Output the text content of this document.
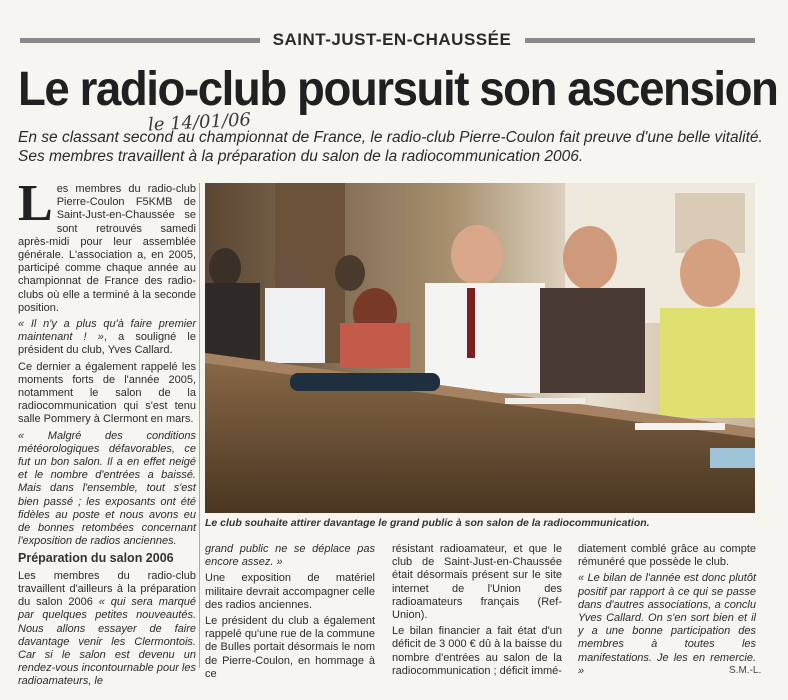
SAINT-JUST-EN-CHAUSSÉE
Le radio-club poursuit son ascension
le 14/01/06
En se classant second au championnat de France, le radio-club Pierre-Coulon fait preuve d'une belle vitalité. Ses membres travaillent à la préparation du salon de la radiocommunication 2006.

Les membres du radio-club Pierre-Coulon F5KMB de Saint-Just-en-Chaussée se sont retrouvés samedi après-midi pour leur assemblée générale. L'association a, en 2005, participé comme chaque année au championnat de France des radio-clubs où elle a terminé à la seconde position.

« Il n'y a plus qu'à faire premier maintenant ! », a souligné le président du club, Yves Callard.

Ce dernier a également rappelé les moments forts de l'année 2005, notamment le salon de la radiocommunication qui s'est tenu salle Pommery à Clermont en mars.

« Malgré des conditions météorologiques défavorables, ce fut un bon salon. Il a en effet neigé et le nombre d'entrées a baissé. Mais dans l'ensemble, tout s'est bien passé ; les exposants ont été fidèles au poste et nous avons eu de bonnes retombées concernant l'exposition de radios anciennes.

Préparation du salon 2006

Les membres du radio-club travaillent d'ailleurs à la préparation du salon 2006 « qui sera marqué par quelques petites nouveautés. Nous allons essayer de faire davantage venir les Clermontois. Car si le salon est devenu un rendez-vous incontournable pour les radioamateurs, le

Le club souhaite attirer davantage le grand public à son salon de la radiocommunication.

grand public ne se déplace pas encore assez. »

Une exposition de matériel militaire devrait accompagner celle des radios anciennes.

Le président du club a également rappelé qu'une rue de la commune de Bulles portait désormais le nom de Pierre-Coulon, en hommage à ce

résistant radioamateur, et que le club de Saint-Just-en-Chaussée était désormais présent sur le site internet de l'Union des radioamateurs français (Ref-Union).

Le bilan financier a fait état d'un déficit de 3 000 € dû à la baisse du nombre d'entrées au salon de la radiocommunication ; déficit immé-

diatement comblé grâce au compte rémunéré que possède le club.

« Le bilan de l'année est donc plutôt positif par rapport à ce qui se passe dans d'autres associations, a conclu Yves Callard. On s'en sort bien et il y a une bonne participation des membres à toutes les manifestations. Je les en remercie. »	S.M.-L.
